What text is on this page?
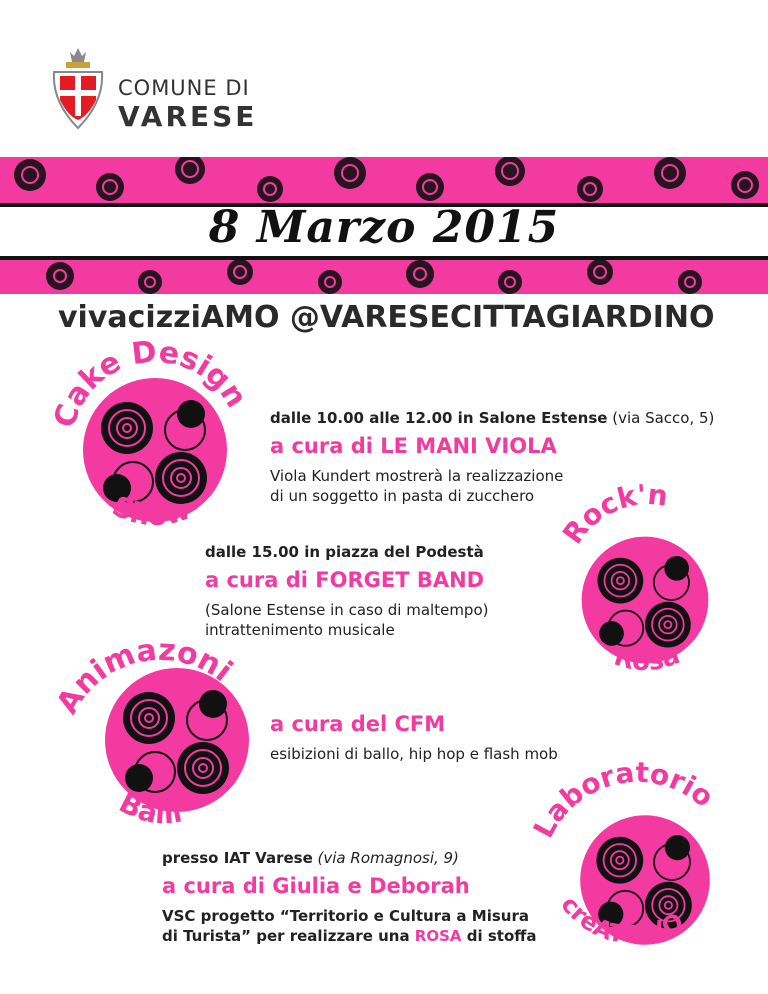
COMUNE DI
VARESE
8 Marzo 2015
vivacizziAMO @VARESECITTAGIARDINO
Cake Design
Show
dalle 10.00 alle 12.00 in Salone Estense (via Sacco, 5)
a cura di LE MANI VIOLA
Viola Kundert mostrerà la realizzazione
di un soggetto in pasta di zucchero
Rock'n
Rosa
dalle 15.00 in piazza del Podestà
a cura di FORGET BAND
(Salone Estense in caso di maltempo)
intrattenimento musicale
Animazoni
Balli
a cura del CFM
esibizioni di ballo, hip hop e flash mob
Laboratorio
creATTIVO
presso IAT Varese (via Romagnosi, 9)
a cura di Giulia e Deborah
VSC progetto “Territorio e Cultura a Misura
di Turista” per realizzare una ROSA di stoffa
